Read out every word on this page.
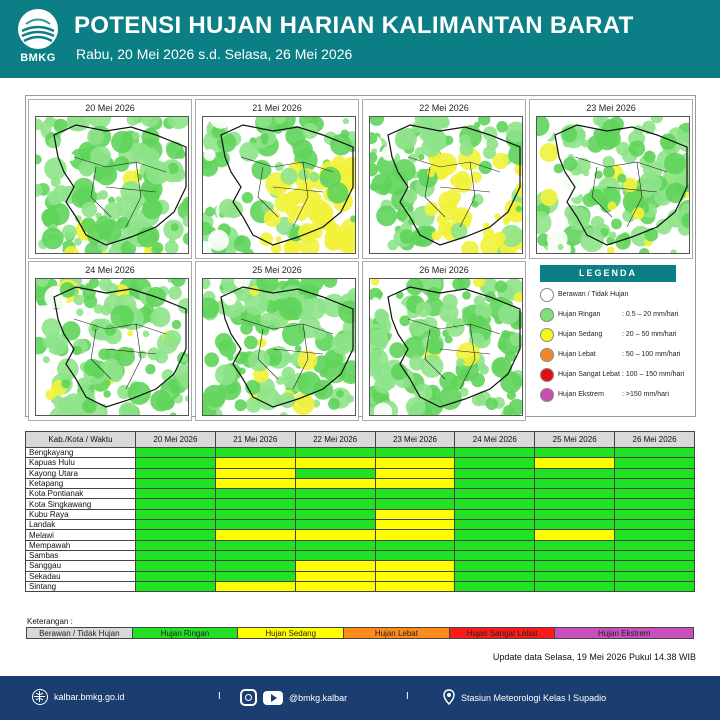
BMKG
POTENSI HUJAN HARIAN KALIMANTAN BARAT
Rabu, 20 Mei 2026 s.d. Selasa, 26 Mei 2026
LEGENDA
Berawan / Tidak Hujan
Hujan Ringan	: 0.5 – 20 mm/hari
Hujan Sedang	: 20 – 50 mm/hari
Hujan Lebat	: 50 – 100 mm/hari
Hujan Sangat Lebat : 100 – 150 mm/hari
Hujan Ekstrem	: >150 mm/hari
20 Mei 2026	21 Mei 2026	22 Mei 2026	23 Mei 2026
24 Mei 2026	25 Mei 2026	26 Mei 2026
Kab./Kota / Waktu	20 Mei 2026	21 Mei 2026	22 Mei 2026	23 Mei 2026	24 Mei 2026	25 Mei 2026	26 Mei 2026
Bengkayang							
Kapuas Hulu							
Kayong Utara							
Ketapang							
Kota Pontianak							
Kota Singkawang							
Kubu Raya							
Landak							
Melawi							
Mempawah							
Sambas							
Sanggau							
Sekadau							
Sintang							
Keterangan :
Berawan / Tidak Hujan	Hujan Ringan	Hujan Sedang	Hujan Lebat	Hujan Sangat Lebat	Hujan Ekstrem
Update data Selasa, 19 Mei 2026 Pukul 14.38 WIB
kalbar.bmkg.go.id	I	@bmkg.kalbar	I	Stasiun Meteorologi Kelas I Supadio
